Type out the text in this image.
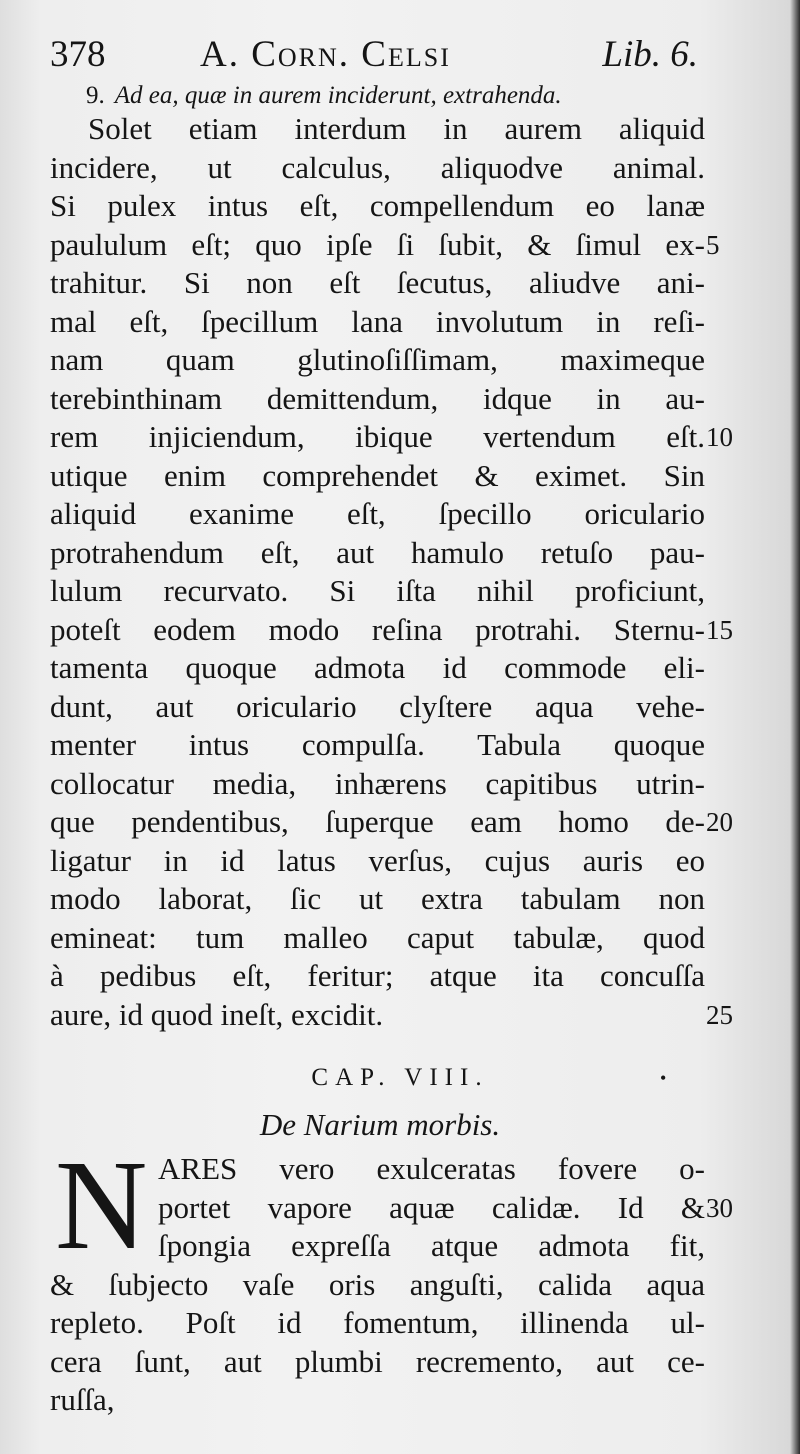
378	A. Corn. Celsi	Lib. 6.
9. Ad ea, quæ in aurem inciderunt, extrahenda.
Solet etiam interdum in aurem aliquid
incidere, ut calculus, aliquodve animal.
Si pulex intus eſt, compellendum eo lanæ
paululum eſt; quo ipſe ſi ſubit, & ſimul ex-
trahitur. Si non eſt ſecutus, aliudve ani-
mal eſt, ſpecillum lana involutum in reſi-
nam quam glutinoſiſſimam, maximeque
terebinthinam demittendum, idque in au-
rem injiciendum, ibique vertendum eſt.
utique enim comprehendet & eximet. Sin
aliquid exanime eſt, ſpecillo oriculario
protrahendum eſt, aut hamulo retuſo pau-
lulum recurvato. Si iſta nihil proficiunt,
poteſt eodem modo reſina protrahi. Sternu-
tamenta quoque admota id commode eli-
dunt, aut oriculario clyſtere aqua vehe-
menter intus compulſa. Tabula quoque
collocatur media, inhærens capitibus utrin-
que pendentibus, ſuperque eam homo de-
ligatur in id latus verſus, cujus auris eo
modo laborat, ſic ut extra tabulam non
emineat: tum malleo caput tabulæ, quod
à pedibus eſt, feritur; atque ita concuſſa
aure, id quod ineſt, excidit.
5
10
15
20
25
CAP. VIII.	•
De Narium morbis.
N ARES vero exulceratas fovere o-
portet vapore aquæ calidæ. Id &
ſpongia expreſſa atque admota fit,
& ſubjecto vaſe oris anguſti, calida aqua
repleto. Poſt id fomentum, illinenda ul-
cera ſunt, aut plumbi recremento, aut ce-
ruſſa,
30
